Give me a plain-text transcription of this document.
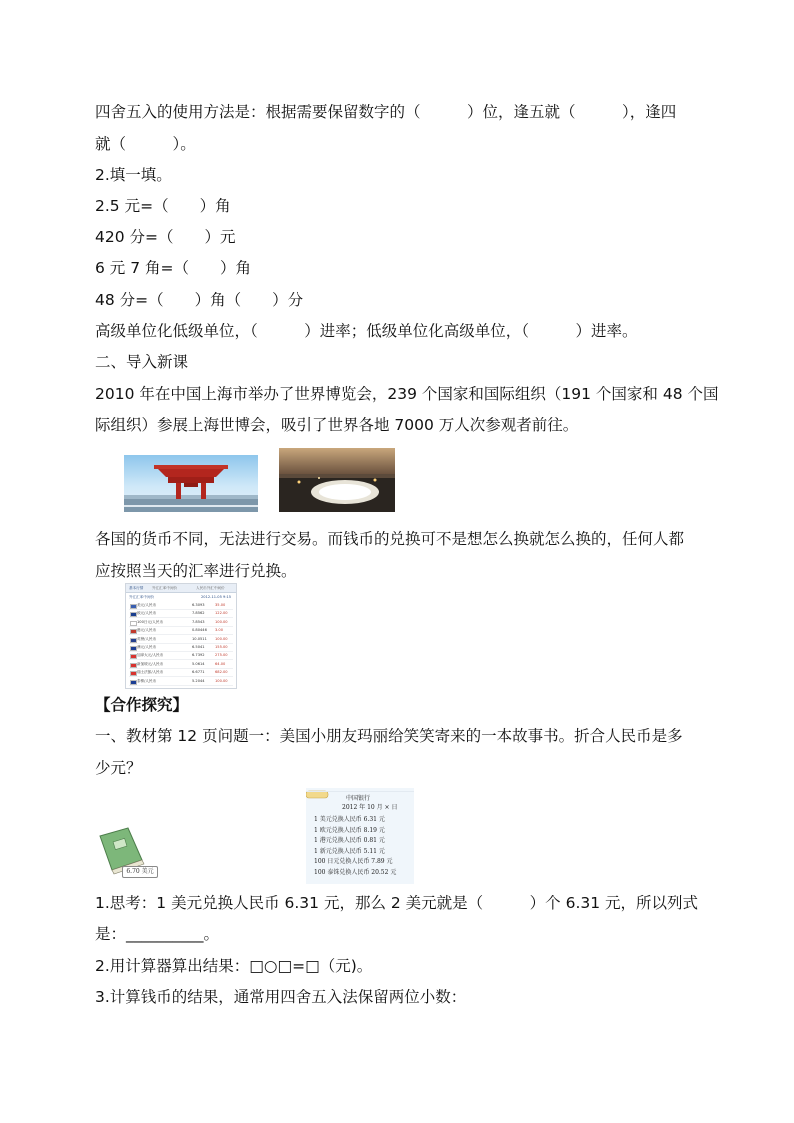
四舍五入的使用方法是：根据需要保留数字的（　　　）位，逢五就（　　　），逢四
就（　　　）。
2.填一填。
2.5 元=（　　）角
420 分=（　　）元
6 元 7 角=（　　）角
48 分=（　　）角（　　）分
高级单位化低级单位，（　　　）进率；低级单位化高级单位，（　　　）进率。
二、导入新课
2010 年在中国上海市举办了世界博览会，239 个国家和国际组织（191 个国家和 48 个国
际组织）参展上海世博会，吸引了世界各地 7000 万人次参观者前往。
各国的货币不同，无法进行交易。而钱币的兑换可不是想怎么换就怎么换的，任何人都
应按照当天的汇率进行兑换。
基本行情 外汇汇率中间价	人民币外汇中间价
外汇汇率中间价	2012-11-05 9:15
美元/人民币	6.3093	35.00
欧元/人民币	7.8562	122.00
100日元/人民币	7.8543	100.00
港元/人民币	0.80446 3.00
英镑/人民币	10.0511 100.00
澳元/人民币	6.5041	155.00
加拿大元/人民币	6.7392	275.00
新加坡元/人民币	5.0614	64.00
瑞士法郎/人民币	6.6771	682.00
泰铢/人民币	5.2044	100.00
【合作探究】
一、教材第 12 页问题一：美国小朋友玛丽给笑笑寄来的一本故事书。折合人民币是多
少元？
6.70 美元
中国银行
2012 年 10 月 × 日
1 美元兑换人民币 6.31 元
1 欧元兑换人民币 8.19 元
1 港元兑换人民币 0.81 元
1 新元兑换人民币 5.11 元
100 日元兑换人民币 7.89 元
100 泰铢兑换人民币 20.52 元
1.思考：1 美元兑换人民币 6.31 元，那么 2 美元就是（　　　）个 6.31 元，所以列式
是：__________。
2.用计算器算出结果：□○□=□（元)。
3.计算钱币的结果，通常用四舍五入法保留两位小数：
